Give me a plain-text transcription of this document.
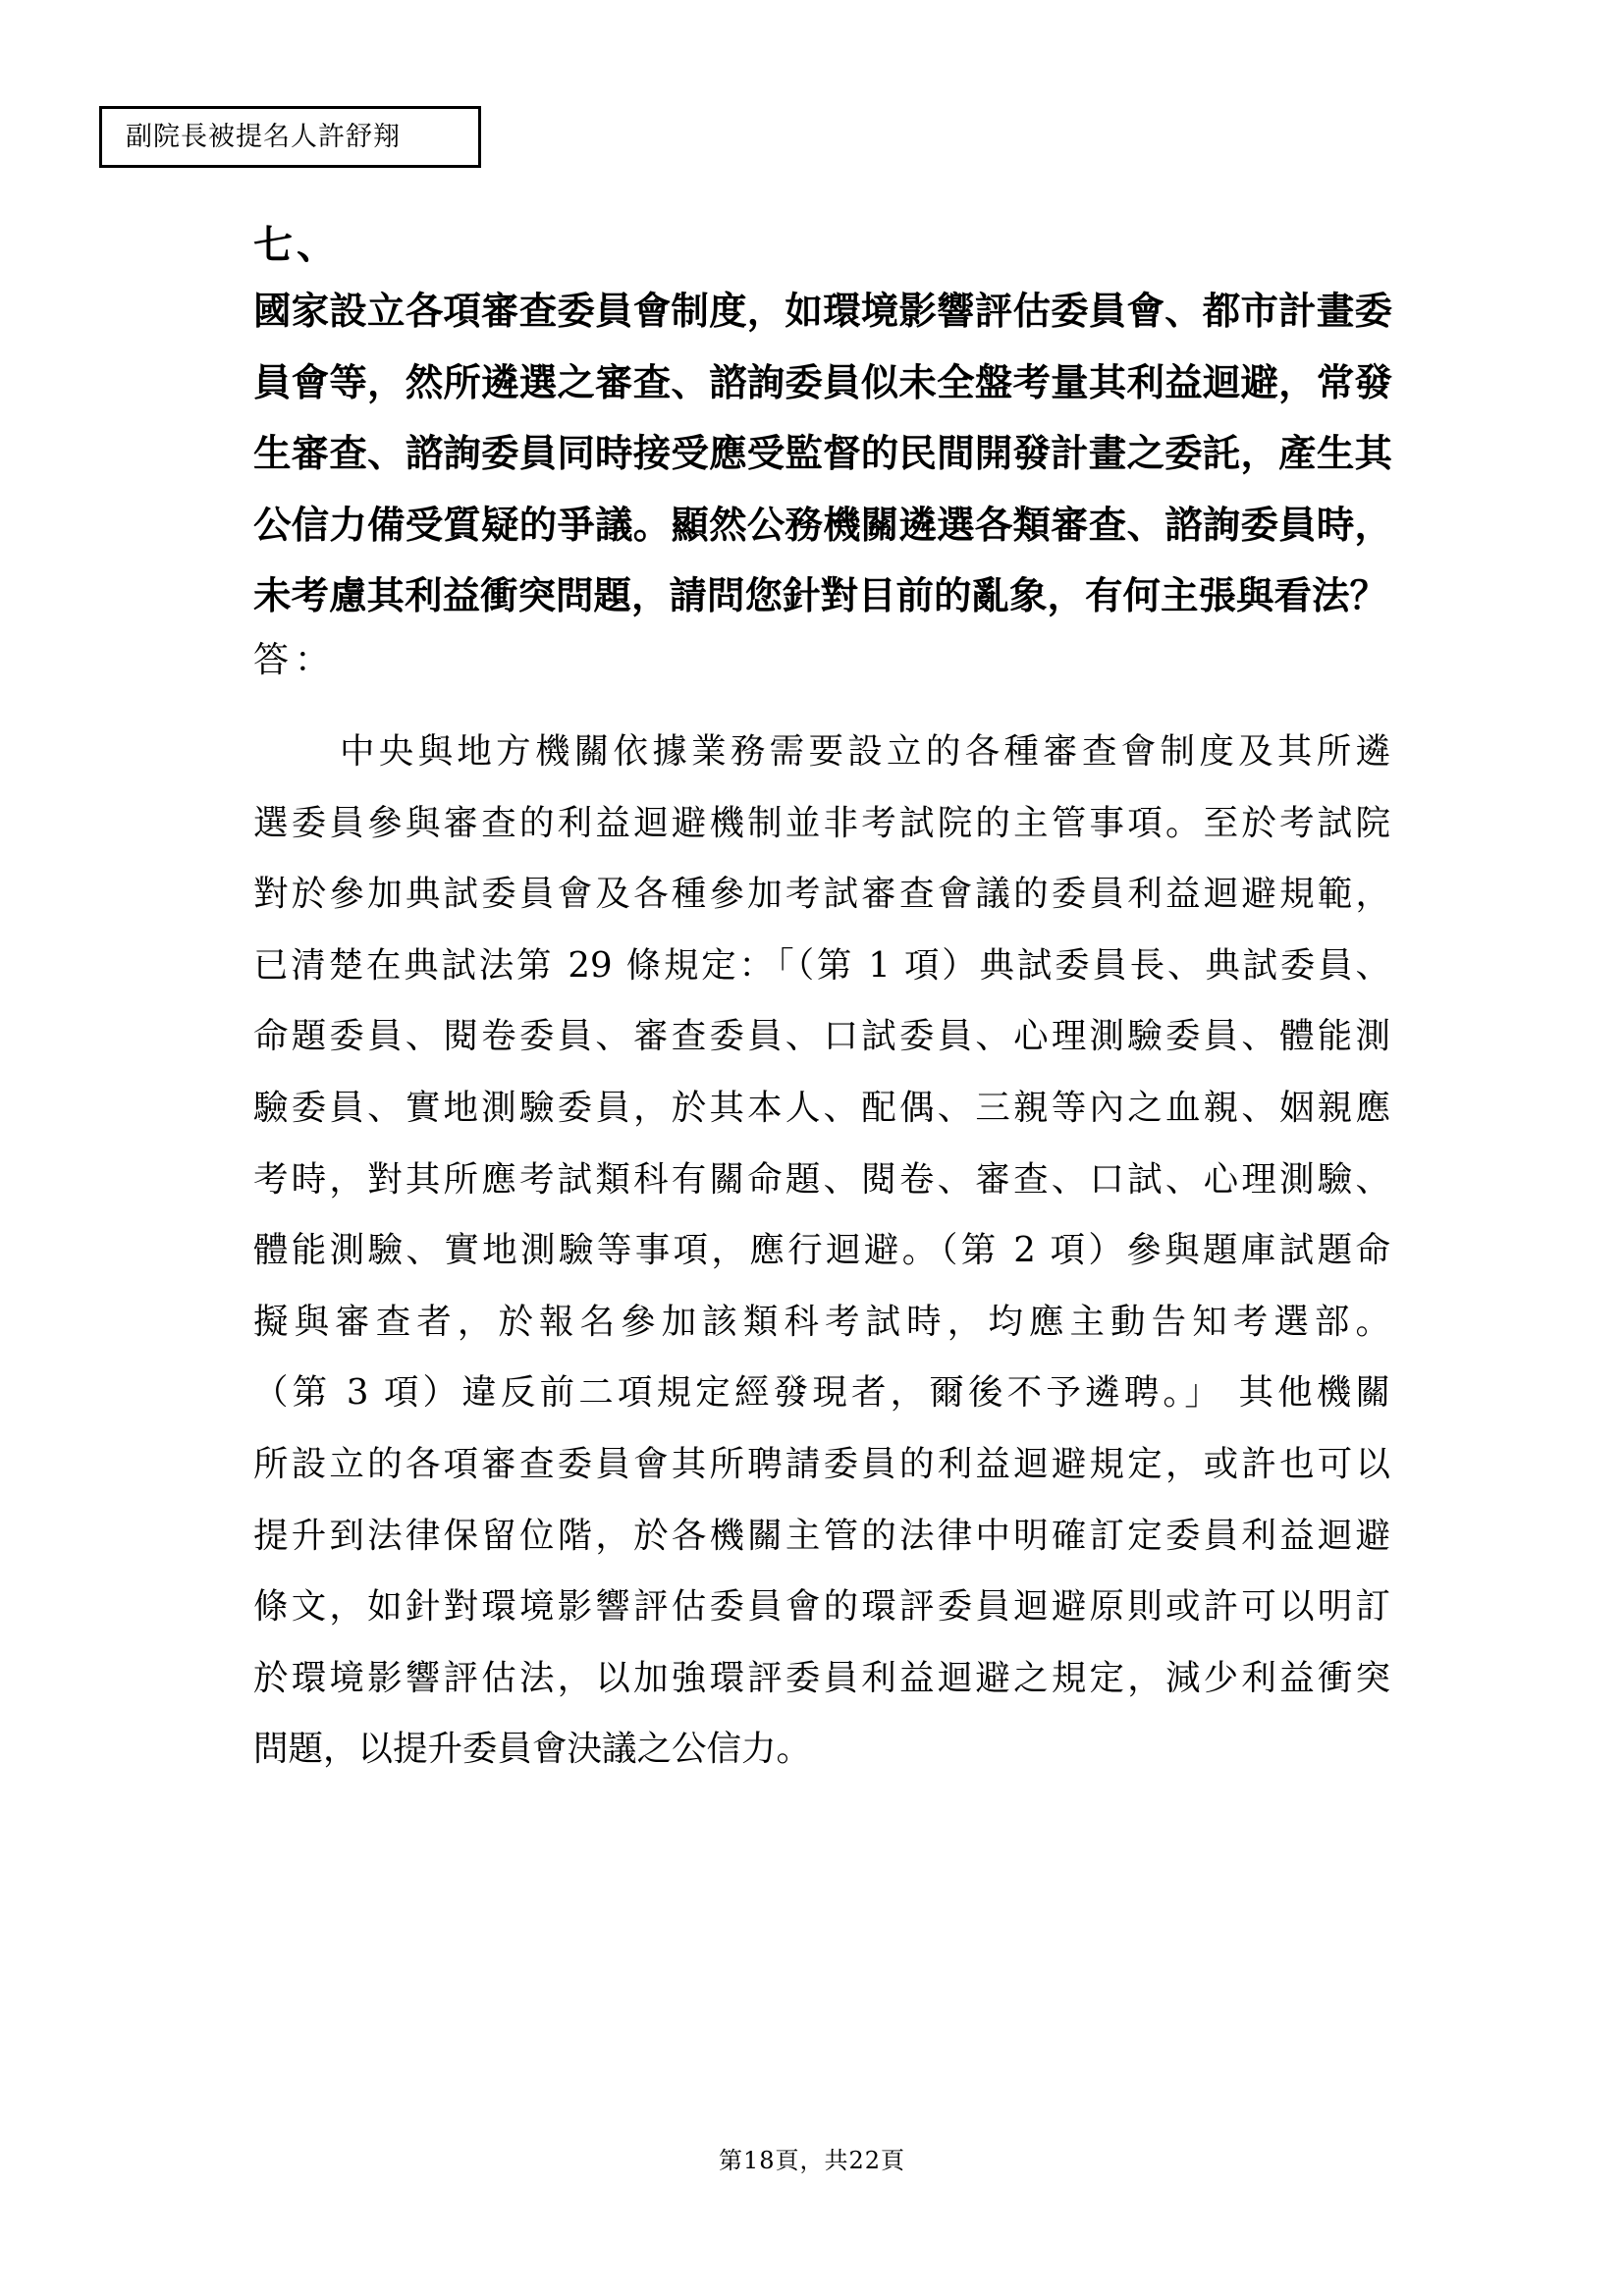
副院長被提名人許舒翔
七、
國家設立各項審查委員會制度，如環境影響評估委員會、都市計畫委
員會等，然所遴選之審查、諮詢委員似未全盤考量其利益迴避，常發
生審查、諮詢委員同時接受應受監督的民間開發計畫之委託，產生其
公信力備受質疑的爭議。顯然公務機關遴選各類審查、諮詢委員時，
未考慮其利益衝突問題，請問您針對目前的亂象，有何主張與看法？
答：
中央與地方機關依據業務需要設立的各種審查會制度及其所遴
選委員參與審查的利益迴避機制並非考試院的主管事項。至於考試院
對於參加典試委員會及各種參加考試審查會議的委員利益迴避規範，
已清楚在典試法第 29 條規定：「（第 1 項）典試委員長、典試委員、
命題委員、閱卷委員、審查委員、口試委員、心理測驗委員、體能測
驗委員、實地測驗委員，於其本人、配偶、三親等內之血親、姻親應
考時，對其所應考試類科有關命題、閱卷、審查、口試、心理測驗、
體能測驗、實地測驗等事項，應行迴避。（第 2 項）參與題庫試題命
擬與審查者，於報名參加該類科考試時，均應主動告知考選部。
（第 3 項）違反前二項規定經發現者，爾後不予遴聘。」 其他機關
所設立的各項審查委員會其所聘請委員的利益迴避規定，或許也可以
提升到法律保留位階，於各機關主管的法律中明確訂定委員利益迴避
條文，如針對環境影響評估委員會的環評委員迴避原則或許可以明訂
於環境影響評估法，以加強環評委員利益迴避之規定，減少利益衝突
問題，以提升委員會決議之公信力。
第18頁，共22頁
